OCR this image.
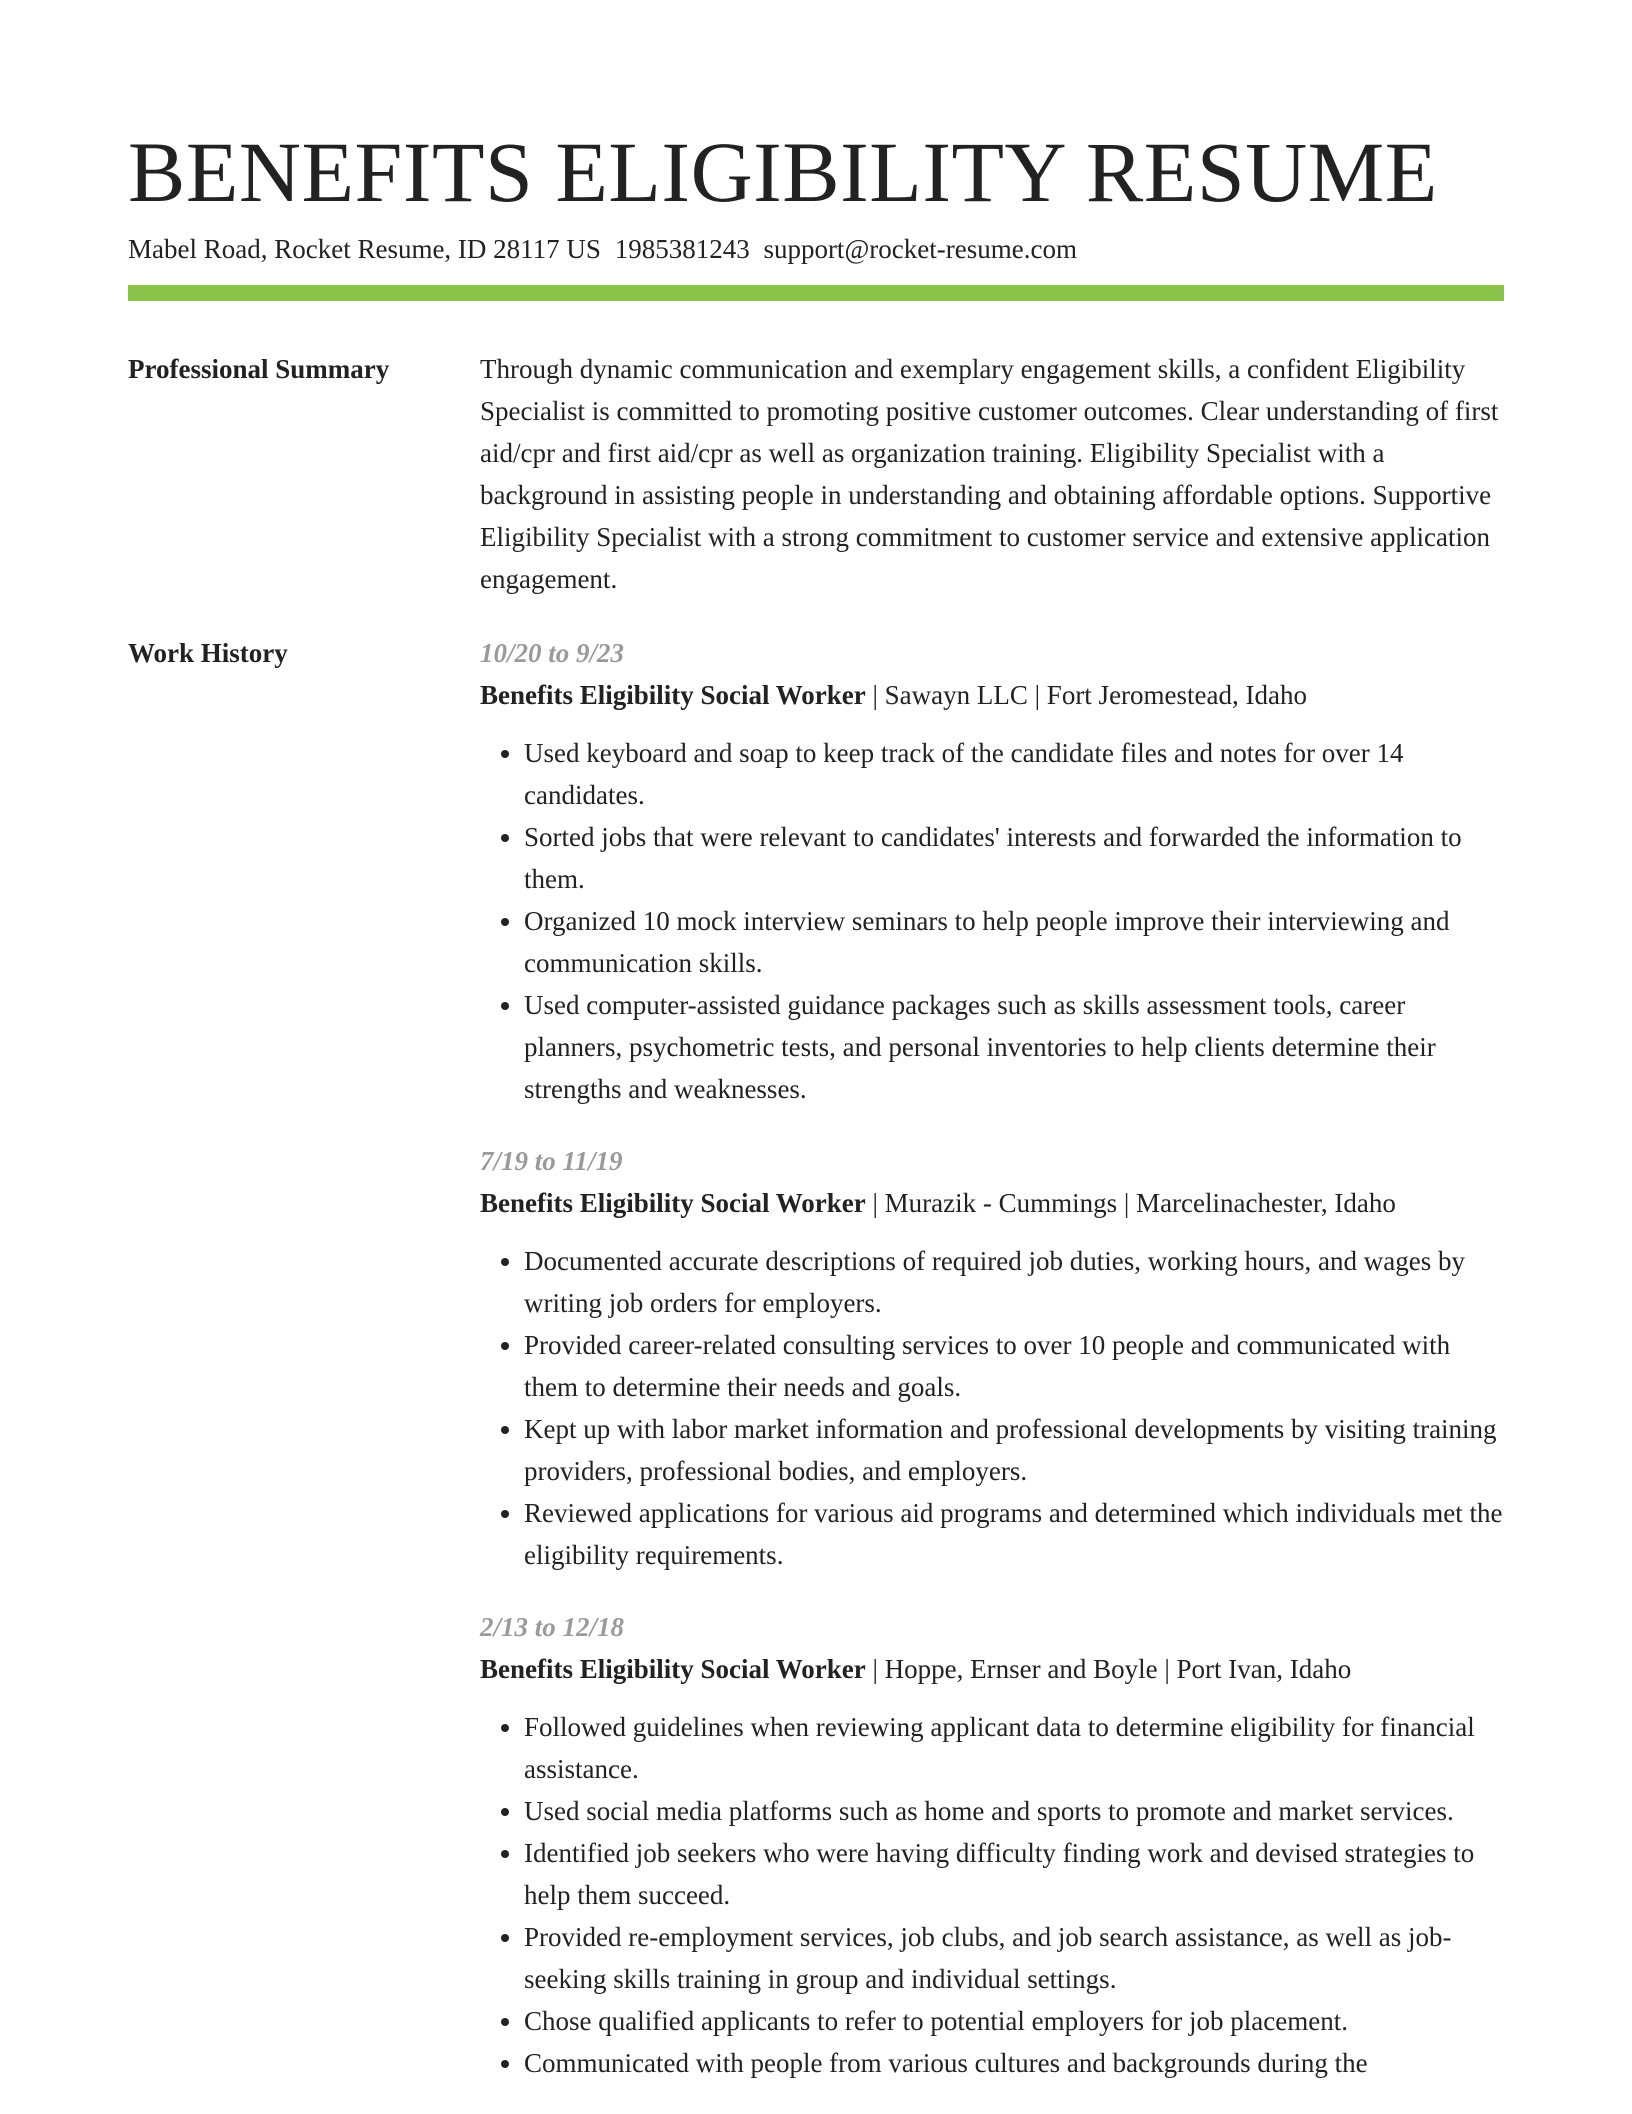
BENEFITS ELIGIBILITY RESUME
Mabel Road, Rocket Resume, ID 28117 US 1985381243 support@rocket-resume.com
Professional Summary	Through dynamic communication and exemplary engagement skills, a confident Eligibility Specialist is committed to promoting positive customer outcomes. Clear understanding of first aid/cpr and first aid/cpr as well as organization training. Eligibility Specialist with a background in assisting people in understanding and obtaining affordable options. Supportive Eligibility Specialist with a strong commitment to customer service and extensive application engagement.

Work History	10/20 to 9/23
Benefits Eligibility Social Worker | Sawayn LLC | Fort Jeromestead, Idaho
• Used keyboard and soap to keep track of the candidate files and notes for over 14 candidates.
• Sorted jobs that were relevant to candidates' interests and forwarded the information to them.
• Organized 10 mock interview seminars to help people improve their interviewing and communication skills.
• Used computer-assisted guidance packages such as skills assessment tools, career planners, psychometric tests, and personal inventories to help clients determine their strengths and weaknesses.
7/19 to 11/19
Benefits Eligibility Social Worker | Murazik - Cummings | Marcelinachester, Idaho
• Documented accurate descriptions of required job duties, working hours, and wages by writing job orders for employers.
• Provided career-related consulting services to over 10 people and communicated with them to determine their needs and goals.
• Kept up with labor market information and professional developments by visiting training providers, professional bodies, and employers.
• Reviewed applications for various aid programs and determined which individuals met the eligibility requirements.
2/13 to 12/18
Benefits Eligibility Social Worker | Hoppe, Ernser and Boyle | Port Ivan, Idaho
• Followed guidelines when reviewing applicant data to determine eligibility for financial assistance.
• Used social media platforms such as home and sports to promote and market services.
• Identified job seekers who were having difficulty finding work and devised strategies to help them succeed.
• Provided re-employment services, job clubs, and job search assistance, as well as job-seeking skills training in group and individual settings.
• Chose qualified applicants to refer to potential employers for job placement.
• Communicated with people from various cultures and backgrounds during the
